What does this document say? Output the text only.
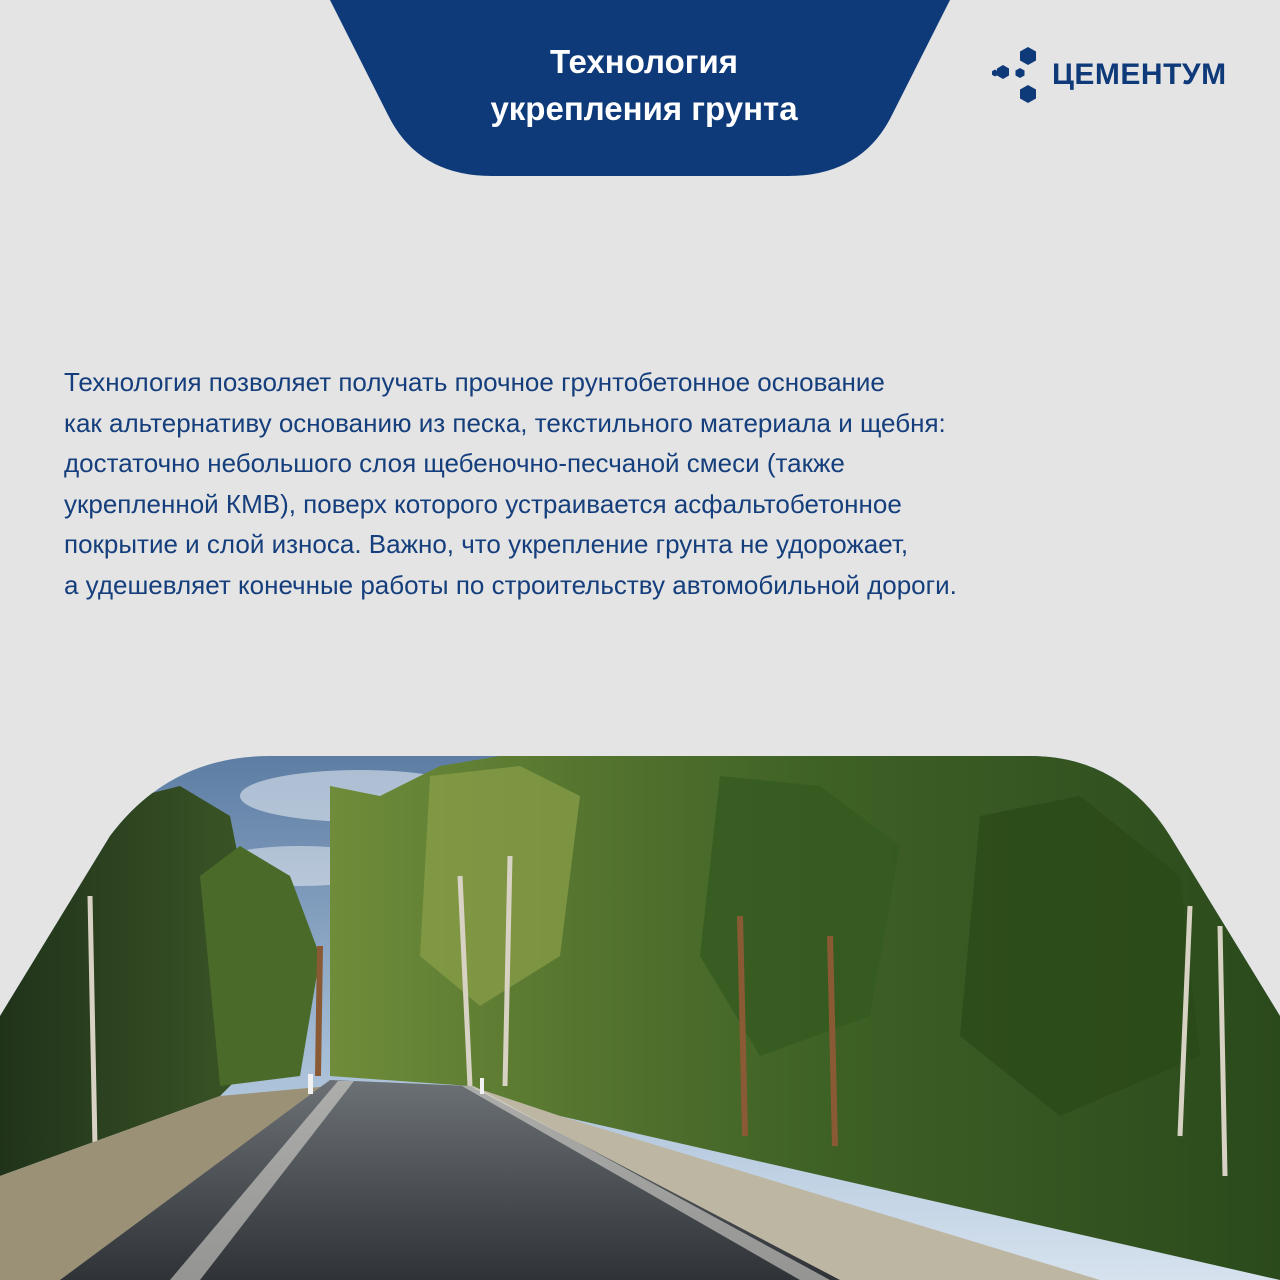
Технология
укрепления грунта
ЦЕМЕНТУМ

Технология позволяет получать прочное грунтобетонное основание
как альтернативу основанию из песка, текстильного материала и щебня:
достаточно небольшого слоя щебеночно-песчаной смеси (также
укрепленной КМВ), поверх которого устраивается асфальтобетонное
покрытие и слой износа. Важно, что укрепление грунта не удорожает,
а удешевляет конечные работы по строительству автомобильной дороги.
